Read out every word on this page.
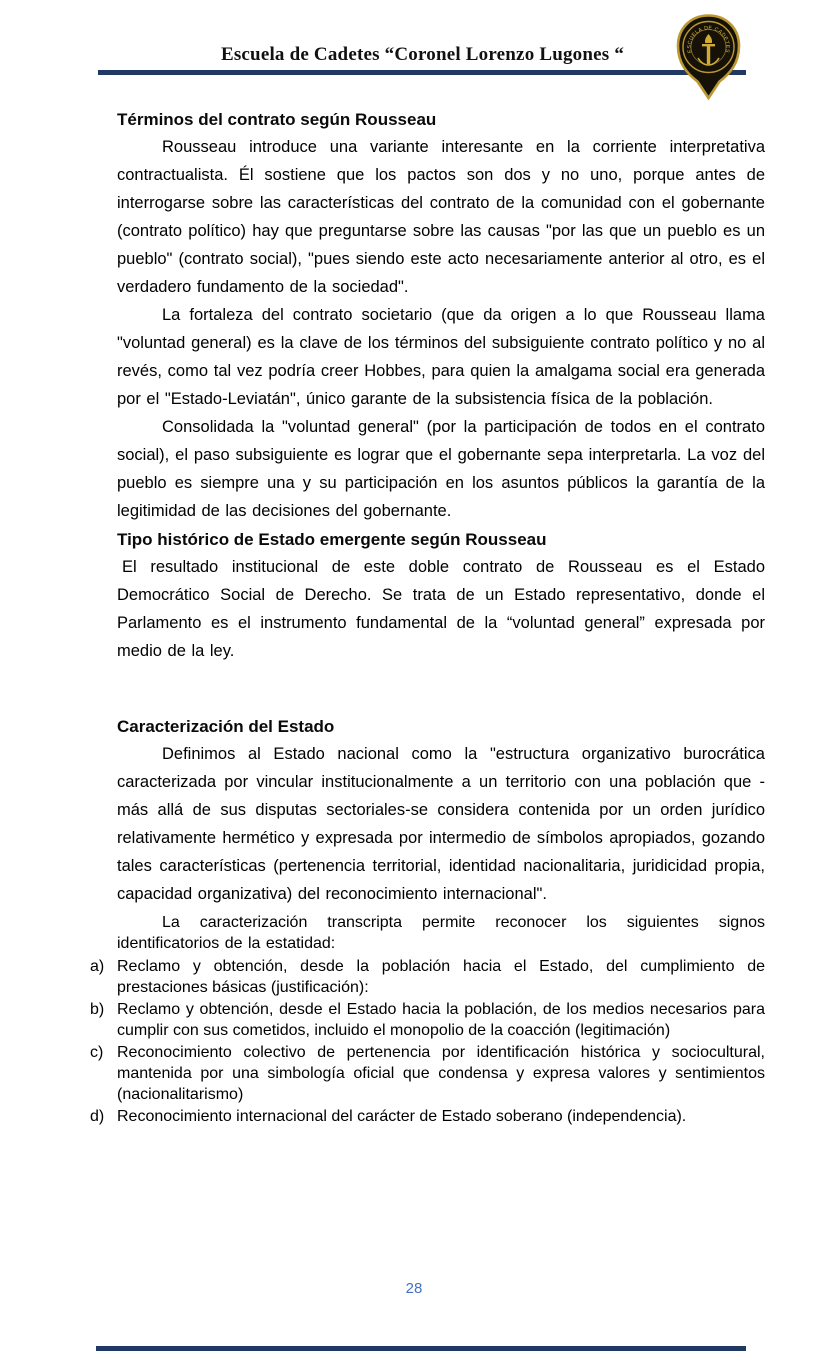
Escuela de Cadetes “Coronel Lorenzo Lugones “	ESCUELA DE CADETES
Términos del contrato según Rousseau

Rousseau introduce una variante interesante en la corriente interpretativa contractualista. Él sostiene que los pactos son dos y no uno, porque antes de interrogarse sobre las características del contrato de la comunidad con el gobernante (contrato político) hay que preguntarse sobre las causas "por las que un pueblo es un pueblo" (contrato social), "pues siendo este acto necesariamente anterior al otro, es el verdadero fundamento de la sociedad".

La fortaleza del contrato societario (que da origen a lo que Rousseau llama "voluntad general) es la clave de los términos del subsiguiente contrato político y no al revés, como tal vez podría creer Hobbes, para quien la amalgama social era generada por el "Estado-Leviatán", único garante de la subsistencia física de la población.

Consolidada la "voluntad general" (por la participación de todos en el contrato social), el paso subsiguiente es lograr que el gobernante sepa interpretarla. La voz del pueblo es siempre una y su participación en los asuntos públicos la garantía de la legitimidad de las decisiones del gobernante.

Tipo histórico de Estado emergente según Rousseau

El resultado institucional de este doble contrato de Rousseau es el Estado Democrático Social de Derecho. Se trata de un Estado representativo, donde el Parlamento es el instrumento fundamental de la “voluntad general” expresada por medio de la ley.

Caracterización del Estado

Definimos al Estado nacional como la "estructura organizativo burocrática caracterizada por vincular institucionalmente a un territorio con una población que -más allá de sus disputas sectoriales-se considera contenida por un orden jurídico relativamente hermético y expresada por intermedio de símbolos apropiados, gozando tales características (pertenencia territorial, identidad nacionalitaria, juridicidad propia, capacidad organizativa) del reconocimiento internacional".

La caracterización transcripta permite reconocer los siguientes signos identificatorios de la estatidad:

a) Reclamo y obtención, desde la población hacia el Estado, del cumplimiento de prestaciones básicas (justificación):
b) Reclamo y obtención, desde el Estado hacia la población, de los medios necesarios para cumplir con sus cometidos, incluido el monopolio de la coacción (legitimación)
c) Reconocimiento colectivo de pertenencia por identificación histórica y sociocultural, mantenida por una simbología oficial que condensa y expresa valores y sentimientos (nacionalitarismo)
d) Reconocimiento internacional del carácter de Estado soberano (independencia).
28
